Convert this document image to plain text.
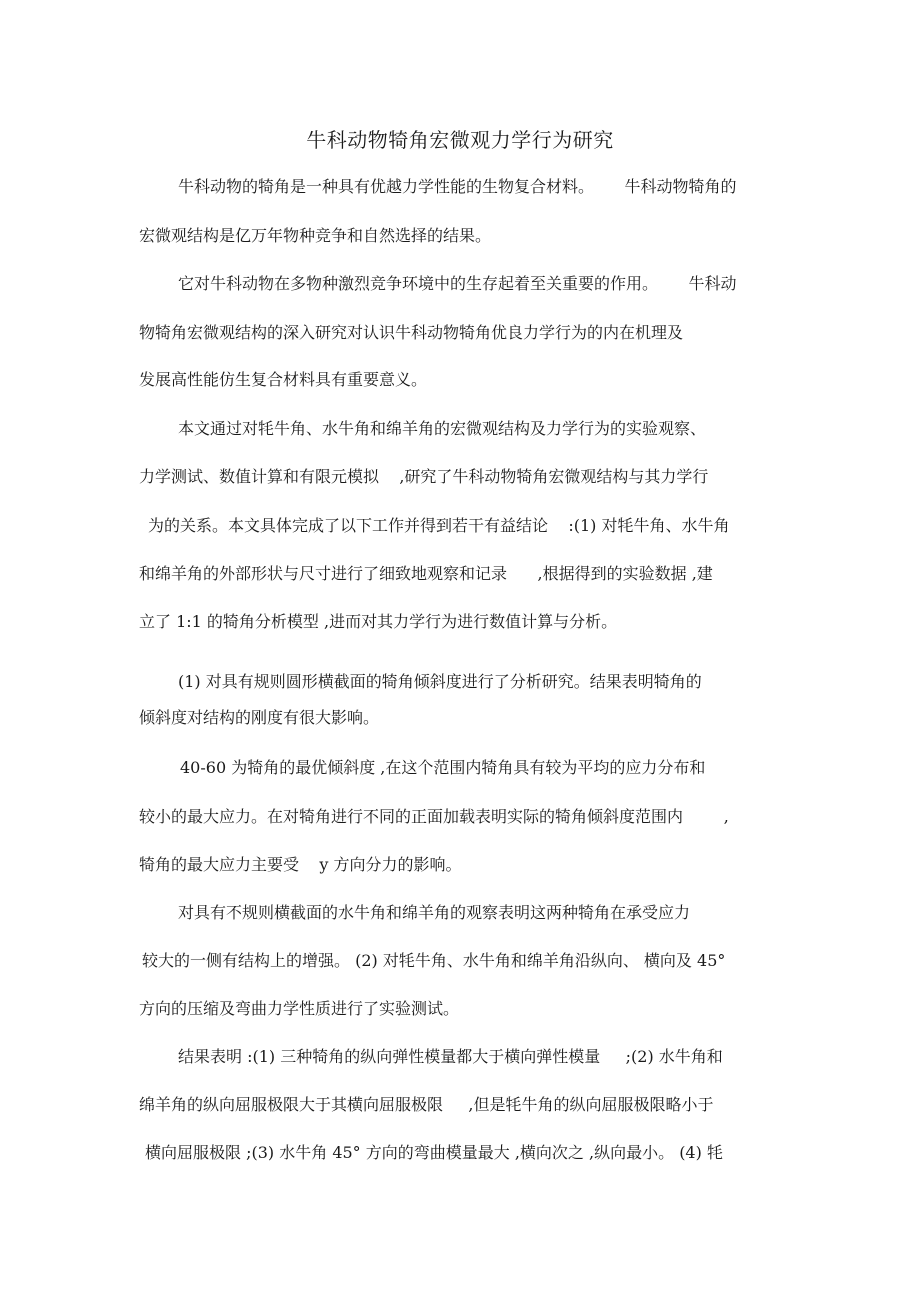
牛科动物犄角宏微观力学行为研究
牛科动物的犄角是一种具有优越力学性能的生物复合材料。      牛科动物犄角的
宏微观结构是亿万年物种竞争和自然选择的结果。
它对牛科动物在多物种激烈竞争环境中的生存起着至关重要的作用。      牛科动
物犄角宏微观结构的深入研究对认识牛科动物犄角优良力学行为的内在机理及
发展高性能仿生复合材料具有重要意义。
本文通过对牦牛角、水牛角和绵羊角的宏微观结构及力学行为的实验观察、
力学测试、数值计算和有限元模拟    ,研究了牛科动物犄角宏微观结构与其力学行
为的关系。本文具体完成了以下工作并得到若干有益结论    :(1) 对牦牛角、水牛角
和绵羊角的外部形状与尺寸进行了细致地观察和记录      ,根据得到的实验数据 ,建
立了 1:1 的犄角分析模型 ,进而对其力学行为进行数值计算与分析。
(1) 对具有规则圆形横截面的犄角倾斜度进行了分析研究。结果表明犄角的
倾斜度对结构的刚度有很大影响。
40-60 为犄角的最优倾斜度 ,在这个范围内犄角具有较为平均的应力分布和
较小的最大应力。在对犄角进行不同的正面加载表明实际的犄角倾斜度范围内        ,
犄角的最大应力主要受    y 方向分力的影响。
对具有不规则横截面的水牛角和绵羊角的观察表明这两种犄角在承受应力
较大的一侧有结构上的增强。 (2) 对牦牛角、水牛角和绵羊角沿纵向、 横向及 45°
方向的压缩及弯曲力学性质进行了实验测试。
结果表明 :(1) 三种犄角的纵向弹性模量都大于横向弹性模量     ;(2) 水牛角和
绵羊角的纵向屈服极限大于其横向屈服极限     ,但是牦牛角的纵向屈服极限略小于
横向屈服极限 ;(3) 水牛角 45° 方向的弯曲模量最大 ,横向次之 ,纵向最小。 (4) 牦
